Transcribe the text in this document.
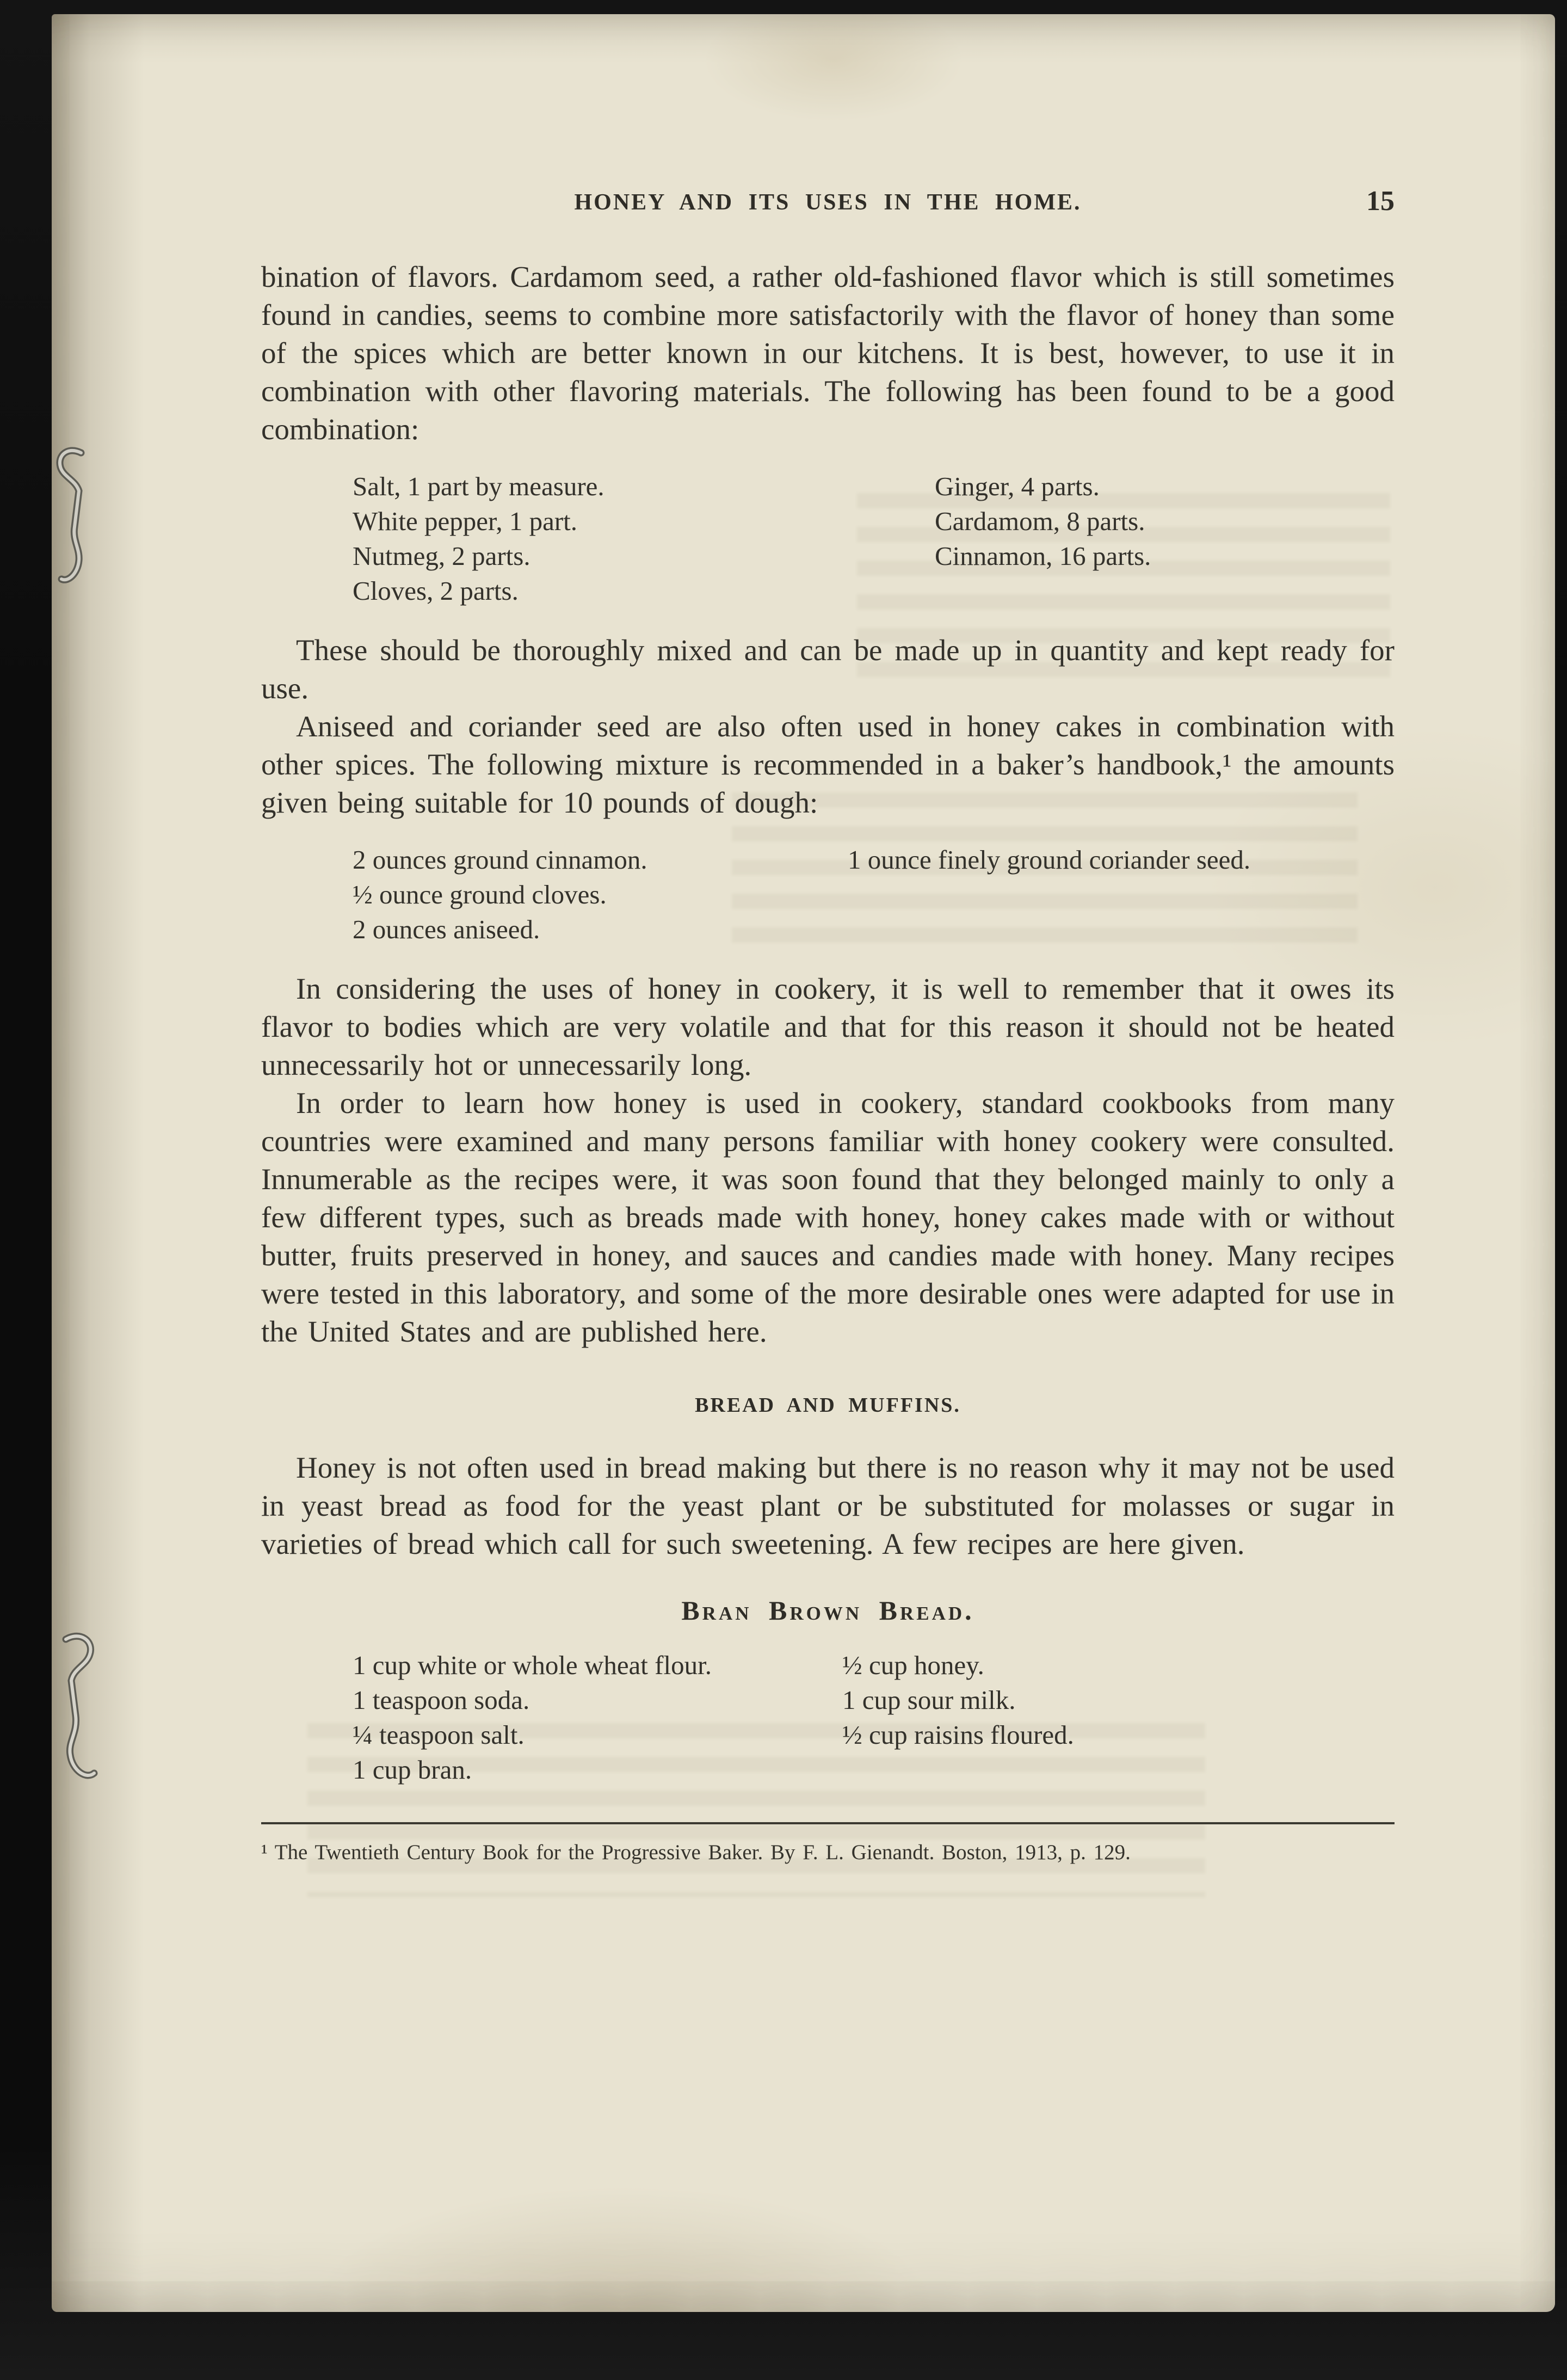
HONEY AND ITS USES IN THE HOME.	15

bination of flavors. Cardamom seed, a rather old-fashioned flavor which is still sometimes found in candies, seems to combine more satisfactorily with the flavor of honey than some of the spices which are better known in our kitchens. It is best, however, to use it in combination with other flavoring materials. The following has been found to be a good combination:

Salt, 1 part by measure.
White pepper, 1 part.
Nutmeg, 2 parts.
Cloves, 2 parts.
Ginger, 4 parts.
Cardamom, 8 parts.
Cinnamon, 16 parts.

These should be thoroughly mixed and can be made up in quantity and kept ready for use.

Aniseed and coriander seed are also often used in honey cakes in combination with other spices. The following mixture is recommended in a baker’s handbook,¹ the amounts given being suitable for 10 pounds of dough:

2 ounces ground cinnamon.
½ ounce ground cloves.
2 ounces aniseed.
1 ounce finely ground coriander seed.

In considering the uses of honey in cookery, it is well to remember that it owes its flavor to bodies which are very volatile and that for this reason it should not be heated unnecessarily hot or unnecessarily long.

In order to learn how honey is used in cookery, standard cookbooks from many countries were examined and many persons familiar with honey cookery were consulted. Innumerable as the recipes were, it was soon found that they belonged mainly to only a few different types, such as breads made with honey, honey cakes made with or without butter, fruits preserved in honey, and sauces and candies made with honey. Many recipes were tested in this laboratory, and some of the more desirable ones were adapted for use in the United States and are published here.

BREAD AND MUFFINS.

Honey is not often used in bread making but there is no reason why it may not be used in yeast bread as food for the yeast plant or be substituted for molasses or sugar in varieties of bread which call for such sweetening. A few recipes are here given.

Bran Brown Bread.
1 cup white or whole wheat flour.
1 teaspoon soda.
¼ teaspoon salt.
1 cup bran.
½ cup honey.
1 cup sour milk.
½ cup raisins floured.

¹ The Twentieth Century Book for the Progressive Baker. By F. L. Gienandt. Boston, 1913, p. 129.
